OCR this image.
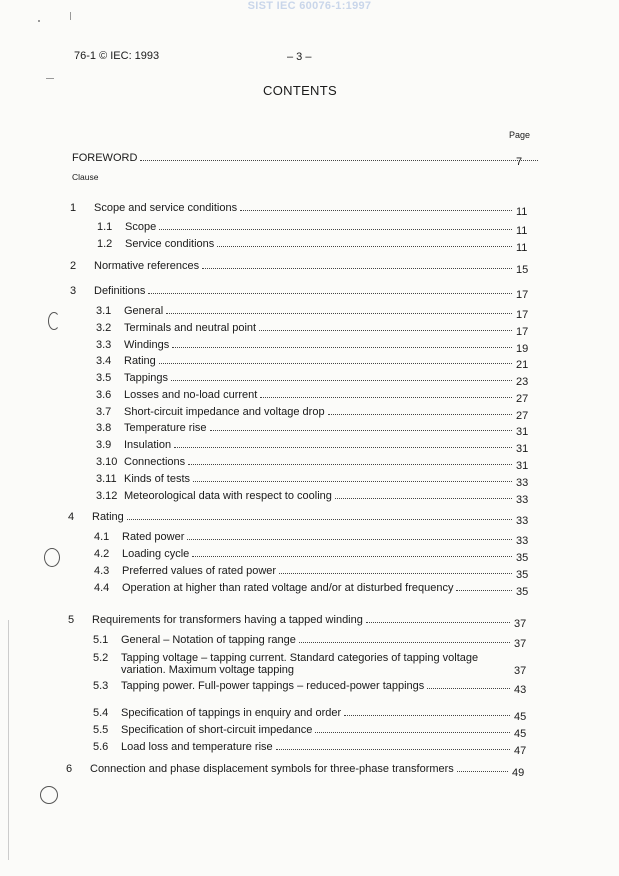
SIST IEC 60076-1:1997
76-1 © IEC: 1993	– 3 –
CONTENTS
Page
Clause
FOREWORD	7
1	Scope and service conditions	11
1.1	Scope	11
1.2	Service conditions	11
2	Normative references	15
3	Definitions	17
3.1	General	17
3.2	Terminals and neutral point	17
3.3	Windings	19
3.4	Rating	21
3.5	Tappings	23
3.6	Losses and no-load current	27
3.7	Short-circuit impedance and voltage drop	27
3.8	Temperature rise	31
3.9	Insulation	31
3.10 Connections	31
3.11 Kinds of tests	33
3.12 Meteorological data with respect to cooling	33
4	Rating	33
4.1	Rated power	33
4.2	Loading cycle	35
4.3	Preferred values of rated power	35
4.4	Operation at higher than rated voltage and/or at disturbed frequency	35
5	Requirements for transformers having a tapped winding	37
5.1	General – Notation of tapping range	37
5.2	Tapping voltage – tapping current. Standard categories of tapping voltage variation. Maximum voltage tapping	37
5.3	Tapping power. Full-power tappings – reduced-power tappings	43
5.4	Specification of tappings in enquiry and order	45
5.5	Specification of short-circuit impedance	45
5.6	Load loss and temperature rise	47
6	Connection and phase displacement symbols for three-phase transformers	49
